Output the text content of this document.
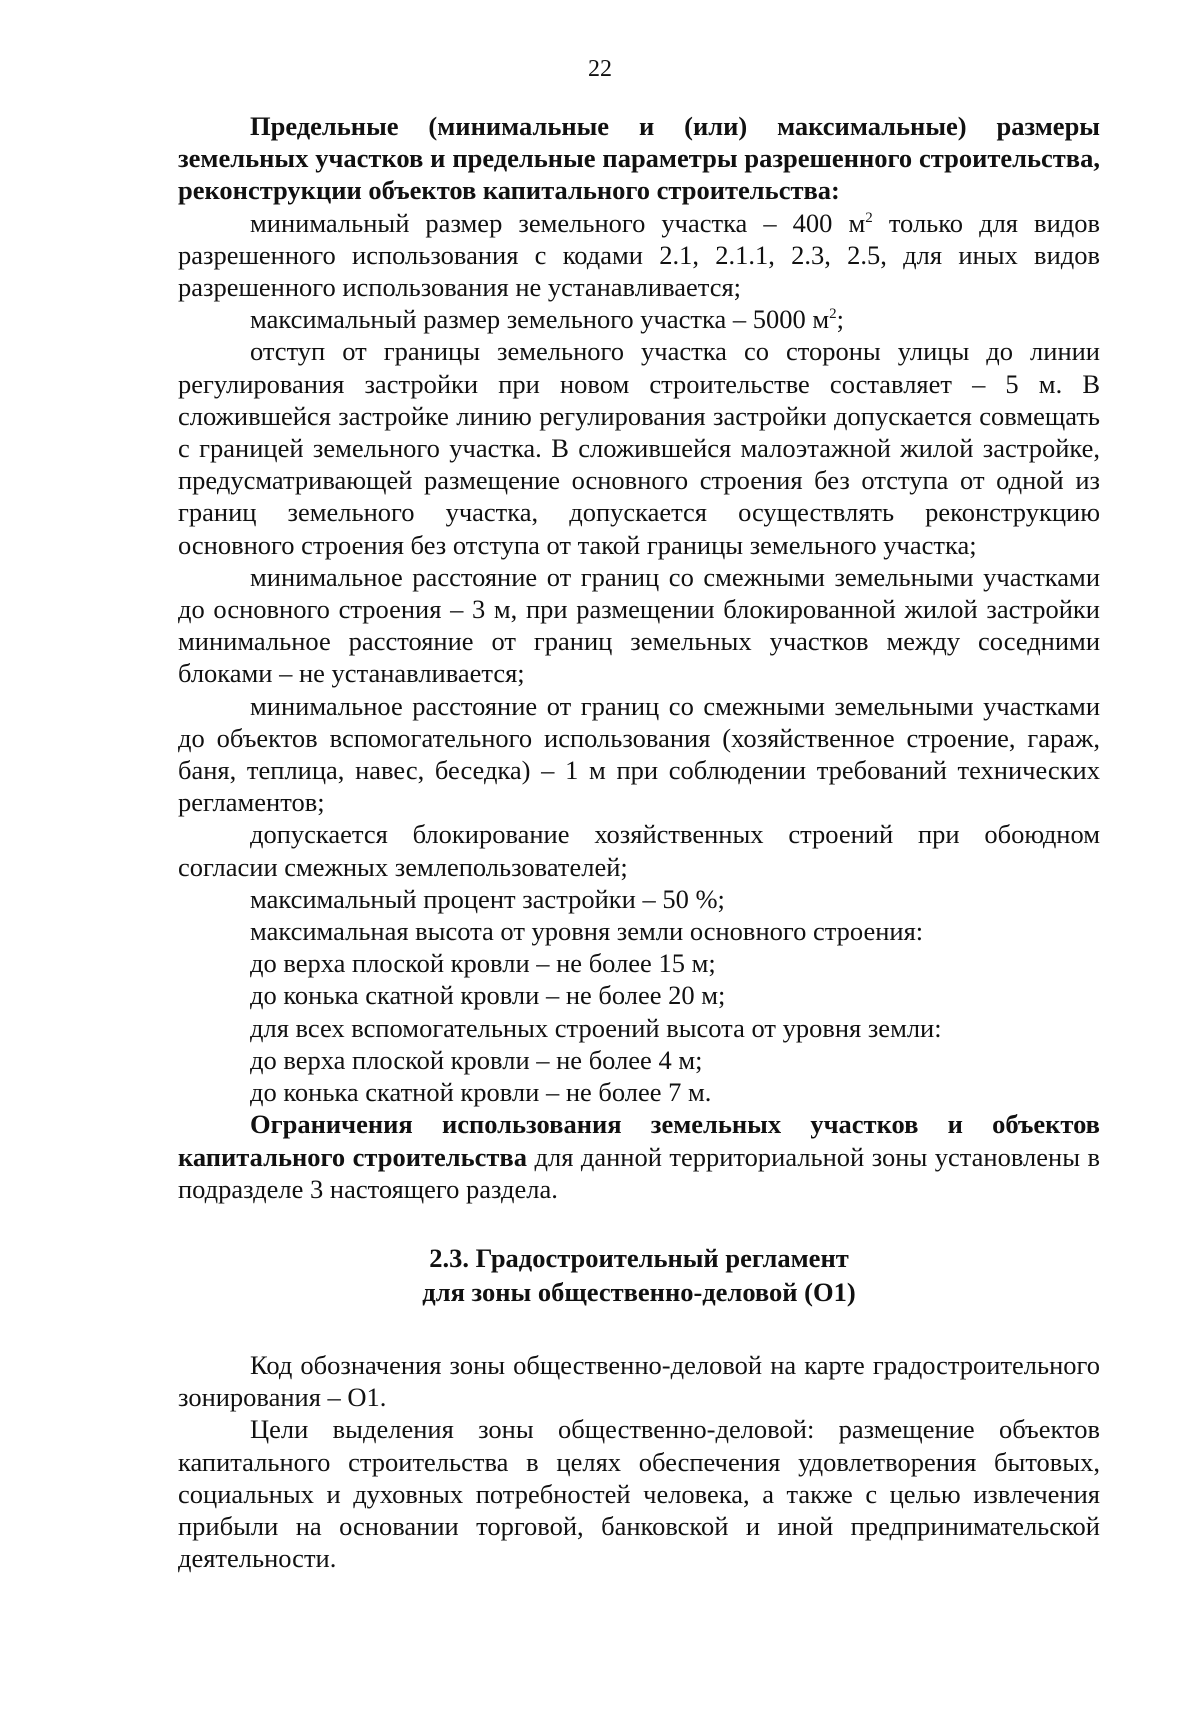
22

Предельные (минимальные и (или) максимальные) размеры земельных участков и предельные параметры разрешенного строительства, реконструкции объектов капитального строительства:

минимальный размер земельного участка – 400 $м^2$ только для видов разрешенного использования с кодами 2.1, 2.1.1, 2.3, 2.5, для иных видов разрешенного использования не устанавливается;

максимальный размер земельного участка – 5000 $м^2$;

отступ от границы земельного участка со стороны улицы до линии регулирования застройки при новом строительстве составляет – 5 м. В сложившейся застройке линию регулирования застройки допускается совмещать с границей земельного участка. В сложившейся малоэтажной жилой застройке, предусматривающей размещение основного строения без отступа от одной из границ земельного участка, допускается осуществлять реконструкцию основного строения без отступа от такой границы земельного участка;

минимальное расстояние от границ со смежными земельными участками до основного строения – 3 м, при размещении блокированной жилой застройки минимальное расстояние от границ земельных участков между соседними блоками – не устанавливается;

минимальное расстояние от границ со смежными земельными участками до объектов вспомогательного использования (хозяйственное строение, гараж, баня, теплица, навес, беседка) – 1 м при соблюдении требований технических регламентов;

допускается блокирование хозяйственных строений при обоюдном согласии смежных землепользователей;

максимальный процент застройки – 50 %;

максимальная высота от уровня земли основного строения:

до верха плоской кровли – не более 15 м;

до конька скатной кровли – не более 20 м;

для всех вспомогательных строений высота от уровня земли:

до верха плоской кровли – не более 4 м;

до конька скатной кровли – не более 7 м.

Ограничения использования земельных участков и объектов капитального строительства для данной территориальной зоны установлены в подразделе 3 настоящего раздела.

2.3. Градостроительный регламент
для зоны общественно-деловой (О1)

Код обозначения зоны общественно-деловой на карте градостроительного зонирования – О1.

Цели выделения зоны общественно-деловой: размещение объектов капитального строительства в целях обеспечения удовлетворения бытовых, социальных и духовных потребностей человека, а также с целью извлечения прибыли на основании торговой, банковской и иной предпринимательской деятельности.
